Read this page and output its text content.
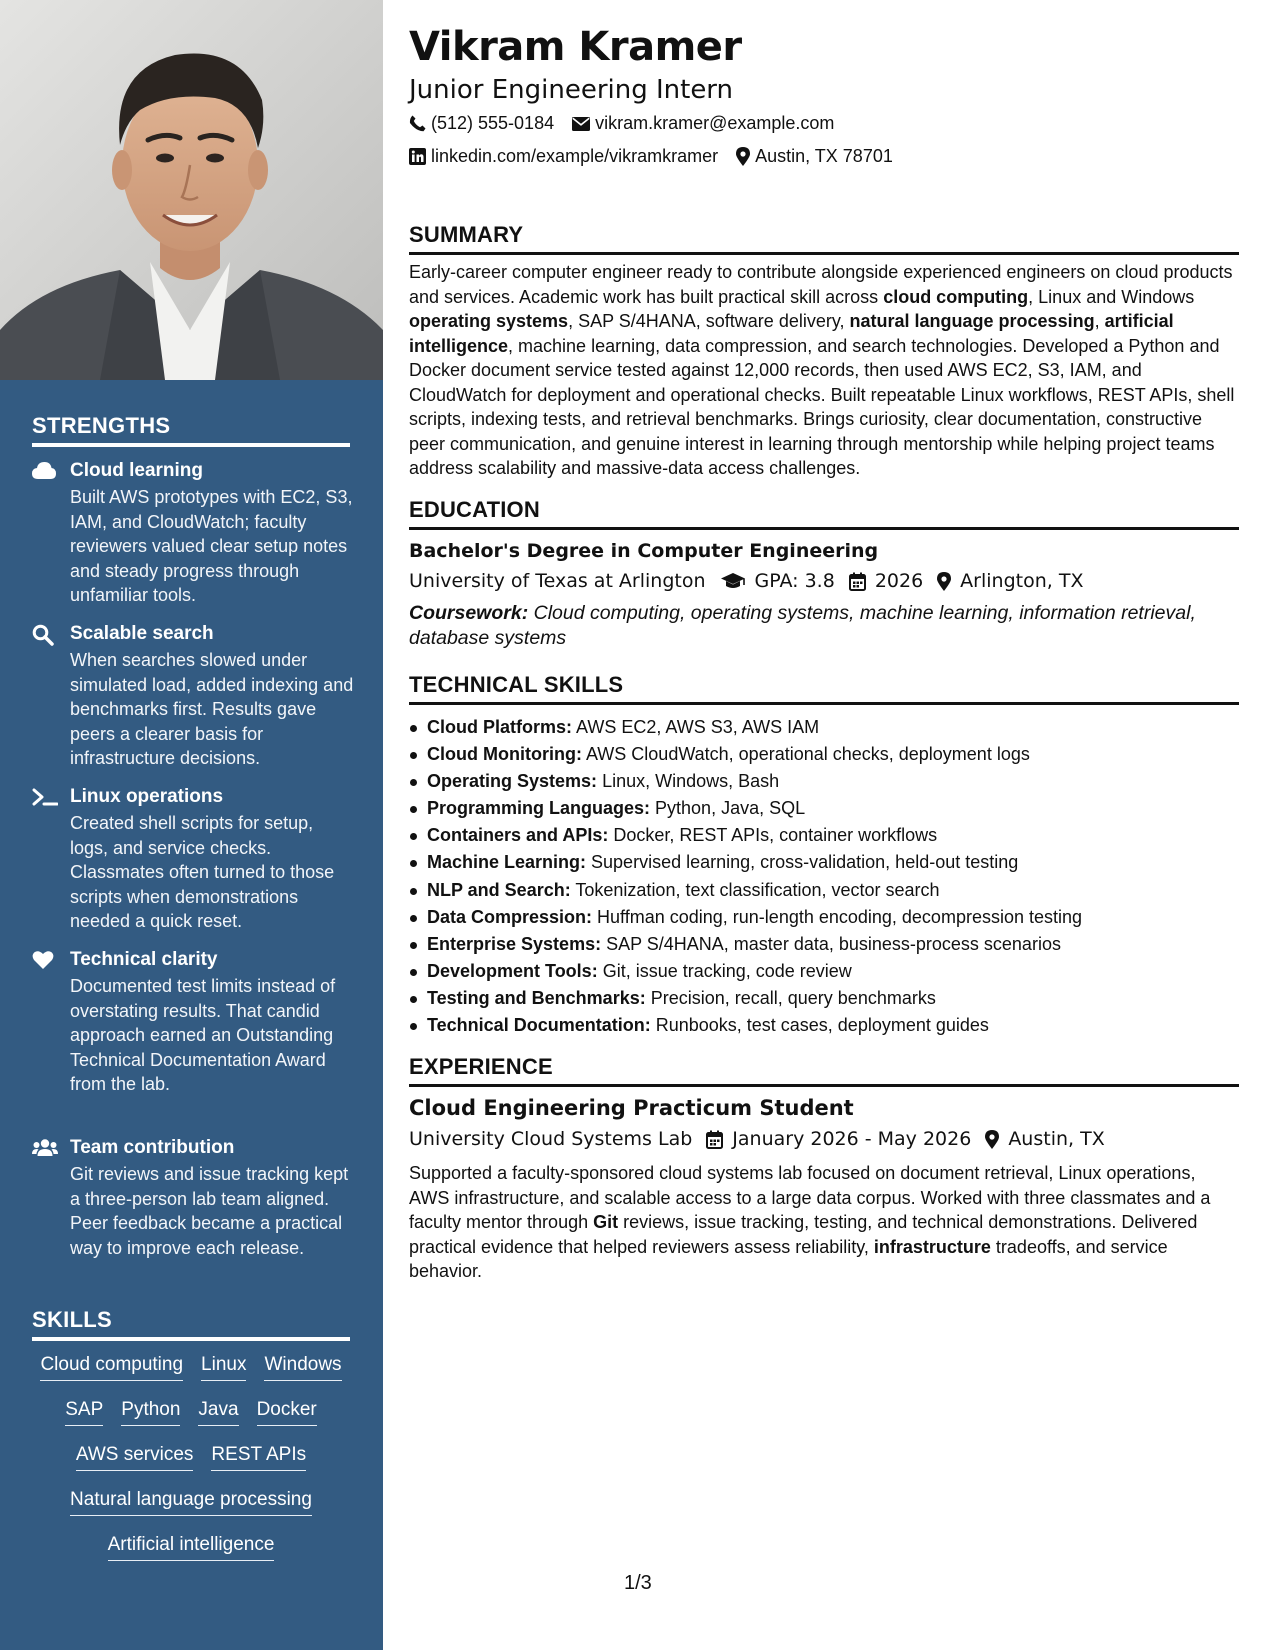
STRENGTHS
Cloud learning
Built AWS prototypes with EC2, S3, IAM, and CloudWatch; faculty reviewers valued clear setup notes and steady progress through unfamiliar tools.
Scalable search
When searches slowed under simulated load, added indexing and benchmarks first. Results gave peers a clearer basis for infrastructure decisions.
Linux operations
Created shell scripts for setup, logs, and service checks. Classmates often turned to those scripts when demonstrations needed a quick reset.
Technical clarity
Documented test limits instead of overstating results. That candid approach earned an Outstanding Technical Documentation Award from the lab.
Team contribution
Git reviews and issue tracking kept a three-person lab team aligned. Peer feedback became a practical way to improve each release.
SKILLS
Cloud computing Linux Windows
SAP Python Java Docker
AWS services REST APIs
Natural language processing
Artificial intelligence
Vikram Kramer
Junior Engineering Intern
(512) 555-0184 vikram.kramer@example.com
linkedin.com/example/vikramkramer Austin, TX 78701
SUMMARY
Early-career computer engineer ready to contribute alongside experienced engineers on cloud products and services. Academic work has built practical skill across cloud computing, Linux and Windows operating systems, SAP S/4HANA, software delivery, natural language processing, artificial intelligence, machine learning, data compression, and search technologies. Developed a Python and Docker document service tested against 12,000 records, then used AWS EC2, S3, IAM, and CloudWatch for deployment and operational checks. Built repeatable Linux workflows, REST APIs, shell scripts, indexing tests, and retrieval benchmarks. Brings curiosity, clear documentation, constructive peer communication, and genuine interest in learning through mentorship while helping project teams address scalability and massive-data access challenges.
EDUCATION
Bachelor's Degree in Computer Engineering
University of Texas at Arlington	GPA: 3.8 2026 Arlington, TX
Coursework: Cloud computing, operating systems, machine learning, information retrieval, database systems
TECHNICAL SKILLS
Cloud Platforms: AWS EC2, AWS S3, AWS IAM
Cloud Monitoring: AWS CloudWatch, operational checks, deployment logs
Operating Systems: Linux, Windows, Bash
Programming Languages: Python, Java, SQL
Containers and APIs: Docker, REST APIs, container workflows
Machine Learning: Supervised learning, cross-validation, held-out testing
NLP and Search: Tokenization, text classification, vector search
Data Compression: Huffman coding, run-length encoding, decompression testing
Enterprise Systems: SAP S/4HANA, master data, business-process scenarios
Development Tools: Git, issue tracking, code review
Testing and Benchmarks: Precision, recall, query benchmarks
Technical Documentation: Runbooks, test cases, deployment guides
EXPERIENCE
Cloud Engineering Practicum Student
University Cloud Systems Lab January 2026 - May 2026 Austin, TX
Supported a faculty-sponsored cloud systems lab focused on document retrieval, Linux operations, AWS infrastructure, and scalable access to a large data corpus. Worked with three classmates and a faculty mentor through Git reviews, issue tracking, testing, and technical demonstrations. Delivered practical evidence that helped reviewers assess reliability, infrastructure tradeoffs, and service behavior.
1/3
